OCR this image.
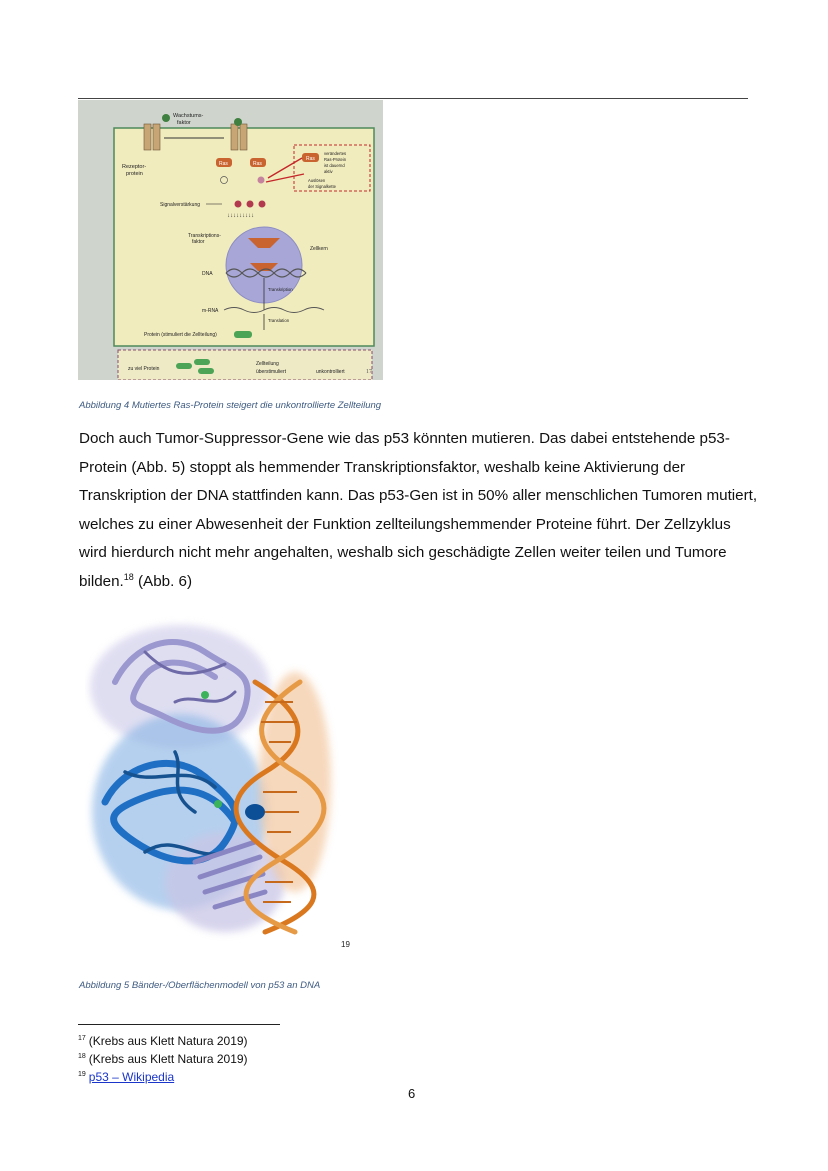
Wachstums-
faktor
Rezeptor-
protein
Ras	Ras
Ras
verändertes
Ras-Protein
ist dauernd
aktiv
Auslösen
der Signalkette
Signalverstärkung
↓↓↓↓↓↓↓↓↓
Transkriptions-
faktor
Zellkern
DNA
Transkription
m-RNA
Translation
Protein (stimuliert die Zellteilung)
zu viel Protein
Zellteilung
überstimuliert	unkontrolliert	17
Abbildung 4 Mutiertes Ras-Protein steigert die unkontrollierte Zellteilung

Doch auch Tumor-Suppressor-Gene wie das p53 könnten mutieren. Das dabei entstehende p53-Protein (Abb. 5) stoppt als hemmender Transkriptionsfaktor, weshalb keine Aktivierung der Transkription der DNA stattfinden kann. Das p53-Gen ist in 50% aller menschlichen Tumoren mutiert, welches zu einer Abwesenheit der Funktion zellteilungshemmender Proteine führt. Der Zellzyklus wird hierdurch nicht mehr angehalten, weshalb sich geschädigte Zellen weiter teilen und Tumore bilden.$^{18}$ (Abb. 6)

19
Abbildung 5 Bänder-/Oberflächenmodell von p53 an DNA
$^{17}$ (Krebs aus Klett Natura 2019)
$^{18}$ (Krebs aus Klett Natura 2019)
$^{19}$ p53 – Wikipedia
6
